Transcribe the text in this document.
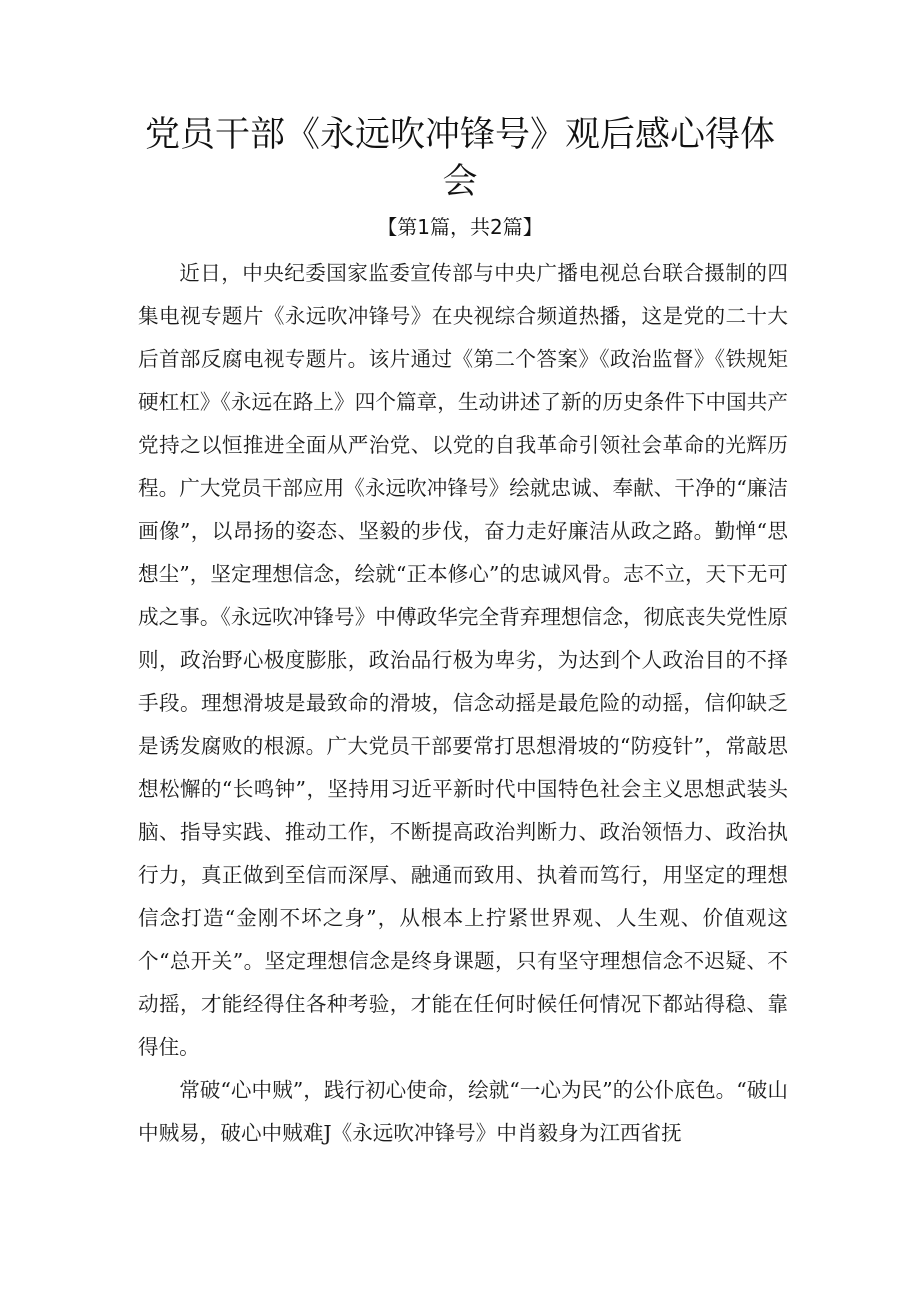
党员干部《永远吹冲锋号》观后感心得体会
【第1篇，共2篇】

近日，中央纪委国家监委宣传部与中央广播电视总台联合摄制的四集电视专题片《永远吹冲锋号》在央视综合频道热播，这是党的二十大后首部反腐电视专题片。该片通过《第二个答案》《政治监督》《铁规矩硬杠杠》《永远在路上》四个篇章，生动讲述了新的历史条件下中国共产党持之以恒推进全面从严治党、以党的自我革命引领社会革命的光辉历程。广大党员干部应用《永远吹冲锋号》绘就忠诚、奉献、干净的“廉洁画像”，以昂扬的姿态、坚毅的步伐，奋力走好廉洁从政之路。勤惮“思想尘”，坚定理想信念，绘就“正本修心”的忠诚风骨。志不立，天下无可成之事。《永远吹冲锋号》中傅政华完全背弃理想信念，彻底丧失党性原则，政治野心极度膨胀，政治品行极为卑劣，为达到个人政治目的不择手段。理想滑坡是最致命的滑坡，信念动摇是最危险的动摇，信仰缺乏是诱发腐败的根源。广大党员干部要常打思想滑坡的“防疫针”，常敲思想松懈的“长鸣钟”，坚持用习近平新时代中国特色社会主义思想武装头脑、指导实践、推动工作，不断提高政治判断力、政治领悟力、政治执行力，真正做到至信而深厚、融通而致用、执着而笃行，用坚定的理想信念打造“金刚不坏之身”，从根本上拧紧世界观、人生观、价值观这个“总开关”。坚定理想信念是终身课题，只有坚守理想信念不迟疑、不动摇，才能经得住各种考验，才能在任何时候任何情况下都站得稳、靠得住。

常破“心中贼”，践行初心使命，绘就“一心为民”的公仆底色。“破山中贼易，破心中贼难J《永远吹冲锋号》中肖毅身为江西省抚
